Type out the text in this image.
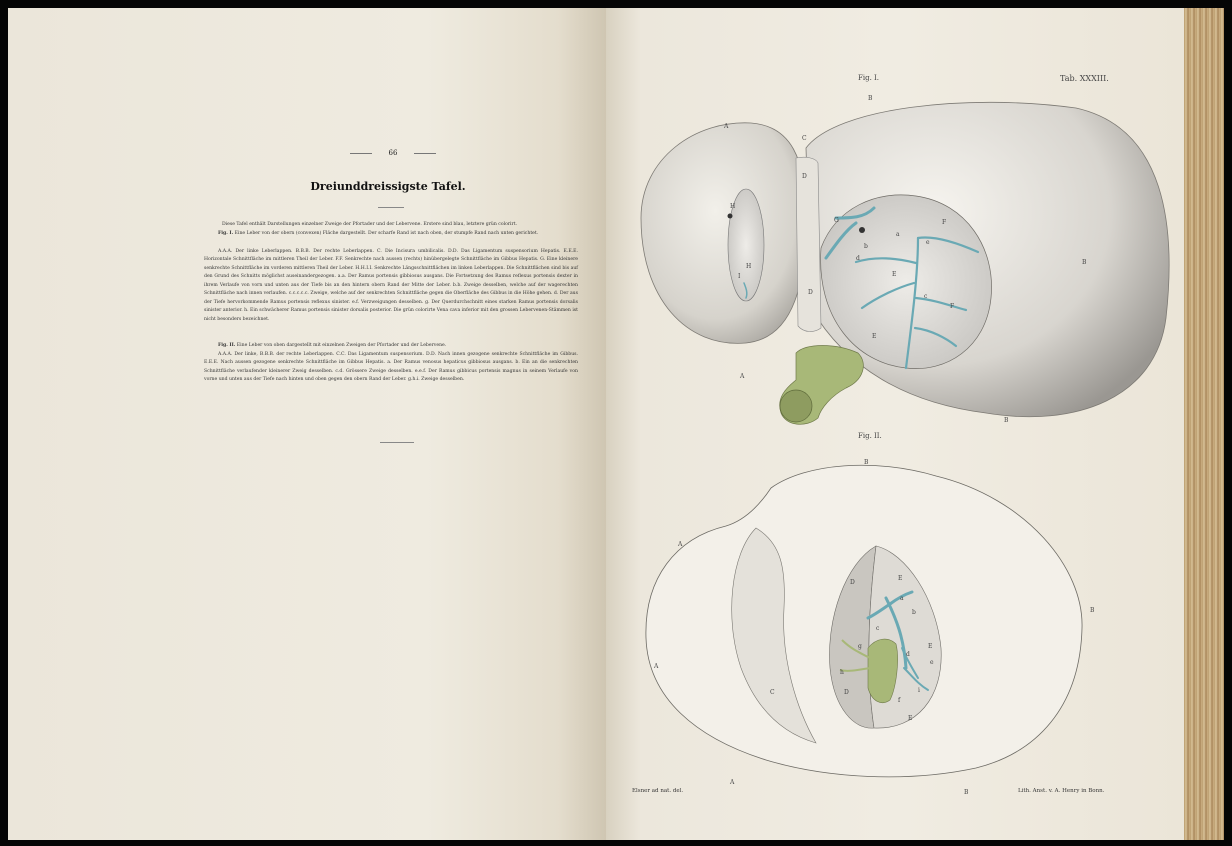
66
Dreiunddreissigste Tafel.
Diese Tafel enthält Darstellungen einzelner Zweige der Pfortader und der Lebervene. Erstere sind blau, letztere grün colorirt.
Fig. I. Eine Leber von der obern (convexen) Fläche dargestellt. Der scharfe Rand ist nach oben, der stumpfe Rand nach unten gerichtet.
A.A.A. Der linke Leberlappen. B.B.B. Der rechte Leberlappen. C. Die Incisura umbilicalis. D.D. Das Ligamentum suspensorium Hepatis. E.E.E. Horizontale Schnittfläche im mittleren Theil der Leber. F.F. Senkrechte nach aussen (rechts) hinübergelegte Schnittfläche im Gibbus Hepatis. G. Eine kleinere senkrechte Schnittfläche im vorderen mittleren Theil der Leber. H.H.I.I. Senkrechte Längsschnittflächen im linken Leberlappen. Die Schnittflächen sind bis auf den Grund des Schnitts möglichst auseinandergezogen. a.a. Der Ramus portensis gibbiosus ausgans. Die Fortsetzung des Ramus reflexus portensis dexter in ihrem Verlaufe von vorn und unten aus der Tiefe bis an den hintern obern Rand der Mitte der Leber. b.b. Zweige desselben, welche auf der wagerechten Schnittfläche nach innen verlaufen. c.c.c.c.c. Zweige, welche auf der senkrechten Schnittfläche gegen die Oberfläche des Gibbus in die Höhe gehen. d. Der aus der Tiefe hervorkommende Ramus portensis reflexus sinister. e.f. Verzweigungen desselben. g. Der Querdurchschnitt eines starken Ramus portensis dorsalis sinister anterior. h. Ein schwächerer Ramus portensis sinister dorsalis posterior. Die grün colorirte Vena cava inferior mit den grossen Lebervenen-Stämmen ist nicht besonders bezeichnet.
Fig. II. Eine Leber von oben dargestellt mit einzelnen Zweigen der Pfortader und der Lebervene.
A.A.A. Der linke, B.B.B. der rechte Leberlappen. C.C. Das Ligamentum suspensorium. D.D. Nach innen gezogene senkrechte Schnittfläche im Gibbus. E.E.E. Nach aussen gezogene senkrechte Schnittfläche im Gibbus Hepatis. a. Der Ramus venosus hepaticus gibbiosus ausgans. b. Ein an die senkrechten Schnittfläche verlaufender kleinerer Zweig desselben. c.d. Grössere Zweige desselben. e.e.f. Der Ramus gibbicus portensis magnus in seinem Verlaufe von vorne und unten aus der Tiefe nach hinten und oben gegen den obern Rand der Leber. g.h.i. Zweige desselben.
Fig. I.	Tab. XXXIII.
Fig. II.
Elsner ad nat. del.	Lith. Anst. v. A. Henry in Bonn.
A
A
B
B
B
C
D
D
E
E
F
F
G
H
H
I
a
b
c
d
e
A
A
A
B
B
B
C
D
D
E
E
E
a
b
c
d
e
f
g
h
i
